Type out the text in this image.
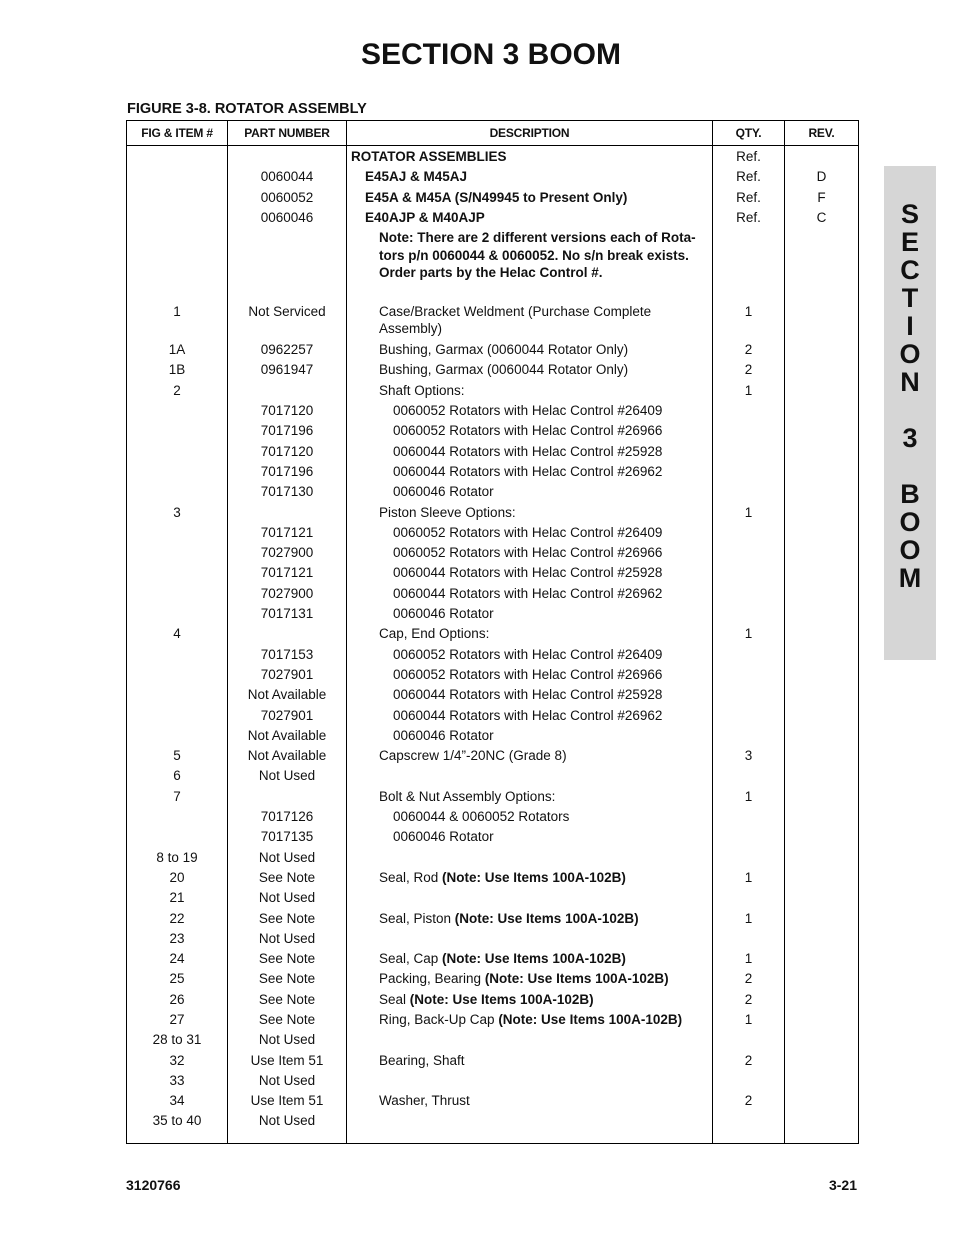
SECTION 3 BOOM
FIGURE 3-8. ROTATOR ASSEMBLY
S
E
C
T
I
O
N
3
B
O
O
M
FIG & ITEM #	PART NUMBER	DESCRIPTION	QTY.	REV.

		ROTATOR ASSEMBLIES	Ref.	
	0060044	E45AJ & M45AJ	Ref.	D
	0060052	E45A & M45A (S/N49945 to Present Only)	Ref.	F
	0060046	E40AJP & M40AJP	Ref.	C

		Note: There are 2 different versions each of Rota-tors p/n 0060044 & 0060052. No s/n break exists. Order parts by the Helac Control #.		

1	Not Serviced	Case/Bracket Weldment (Purchase Complete Assembly)	1	
1A	0962257	Bushing, Garmax (0060044 Rotator Only)	2	
1B	0961947	Bushing, Garmax (0060044 Rotator Only)	2	
2		Shaft Options:	1	
	7017120	0060052 Rotators with Helac Control #26409		

	7017196	0060052 Rotators with Helac Control #26966		

	7017120	0060044 Rotators with Helac Control #25928		

	7017196	0060044 Rotators with Helac Control #26962		

	7017130	0060046 Rotator		

3		Piston Sleeve Options:	1	
	7017121	0060052 Rotators with Helac Control #26409		

	7027900	0060052 Rotators with Helac Control #26966		

	7017121	0060044 Rotators with Helac Control #25928		

	7027900	0060044 Rotators with Helac Control #26962		

	7017131	0060046 Rotator		

4		Cap, End Options:	1	
	7017153	0060052 Rotators with Helac Control #26409		

	7027901	0060052 Rotators with Helac Control #26966		

	Not Available	0060044 Rotators with Helac Control #25928		

	7027901	0060044 Rotators with Helac Control #26962		

	Not Available	0060046 Rotator		

5	Not Available	Capscrew 1/4”-20NC (Grade 8)	3	
6	Not Used	

7		Bolt & Nut Assembly Options:	1	
	7017126	0060044 & 0060052 Rotators		

	7017135	0060046 Rotator		

8 to 19	Not Used	

20	See Note	Seal, Rod (Note: Use Items 100A-102B)	1	
21	Not Used	

22	See Note	Seal, Piston (Note: Use Items 100A-102B)	1	
23	Not Used	

24	See Note	Seal, Cap (Note: Use Items 100A-102B)	1	
25	See Note	Packing, Bearing (Note: Use Items 100A-102B)	2	
26	See Note	Seal (Note: Use Items 100A-102B)	2	
27	See Note	Ring, Back-Up Cap (Note: Use Items 100A-102B)	1	
28 to 31	Not Used	

32	Use Item 51	Bearing, Shaft	2	
33	Not Used	

34	Use Item 51	Washer, Thrust	2	
35 to 40	Not Used	

3120766	3-21
